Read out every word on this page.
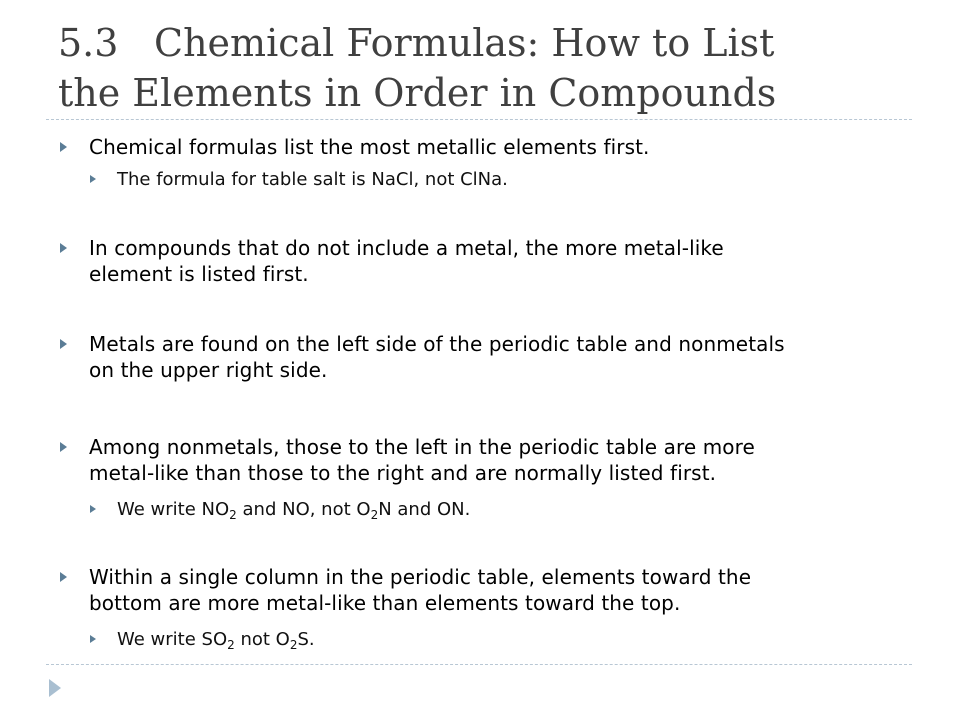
5.3 Chemical Formulas: How to List
the Elements in Order in Compounds
Chemical formulas list the most metallic elements first.
The formula for table salt is NaCl, not ClNa.
In compounds that do not include a metal, the more metal-like
element is listed first.
Metals are found on the left side of the periodic table and nonmetals
on the upper right side.
Among nonmetals, those to the left in the periodic table are more
metal-like than those to the right and are normally listed first.
We write $NO_2$ and NO, not $O_2N$ and ON.
Within a single column in the periodic table, elements toward the
bottom are more metal-like than elements toward the top.
We write $SO_2$ not $O_2S$.
